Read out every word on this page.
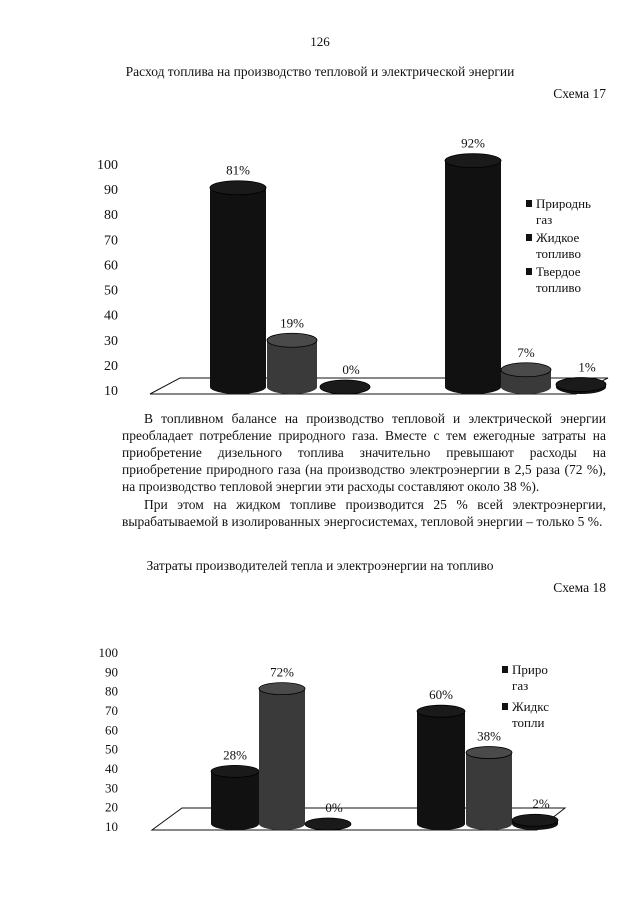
126
Расход топлива на производство тепловой и электрической энергии
Схема 17
100
90
80
70
60
50
40
30
20
10
81%
19%
0%
92%
7%
1%
Природнь
газ
Жидкое
топливо
Твердое
топливо

В топливном балансе на производство тепловой и электрической энергии преобладает потребление природного газа. Вместе с тем ежегодные затраты на приобретение дизельного топлива значительно превышают расходы на приобретение природного газа (на производство электроэнергии в 2,5 раза (72 %), на производство тепловой энергии эти расходы составляют около 38 %).

При этом на жидком топливе производится 25 % всей электроэнергии, вырабатываемой в изолированных энергосистемах, тепловой энергии – только 5 %.

Затраты производителей тепла и электроэнергии на топливо
Схема 18
100
90
80
70
60
50
40
30
20
10
28%
72%
0%
60%
38%
2%
Приро
газ
Жидкс
топли
